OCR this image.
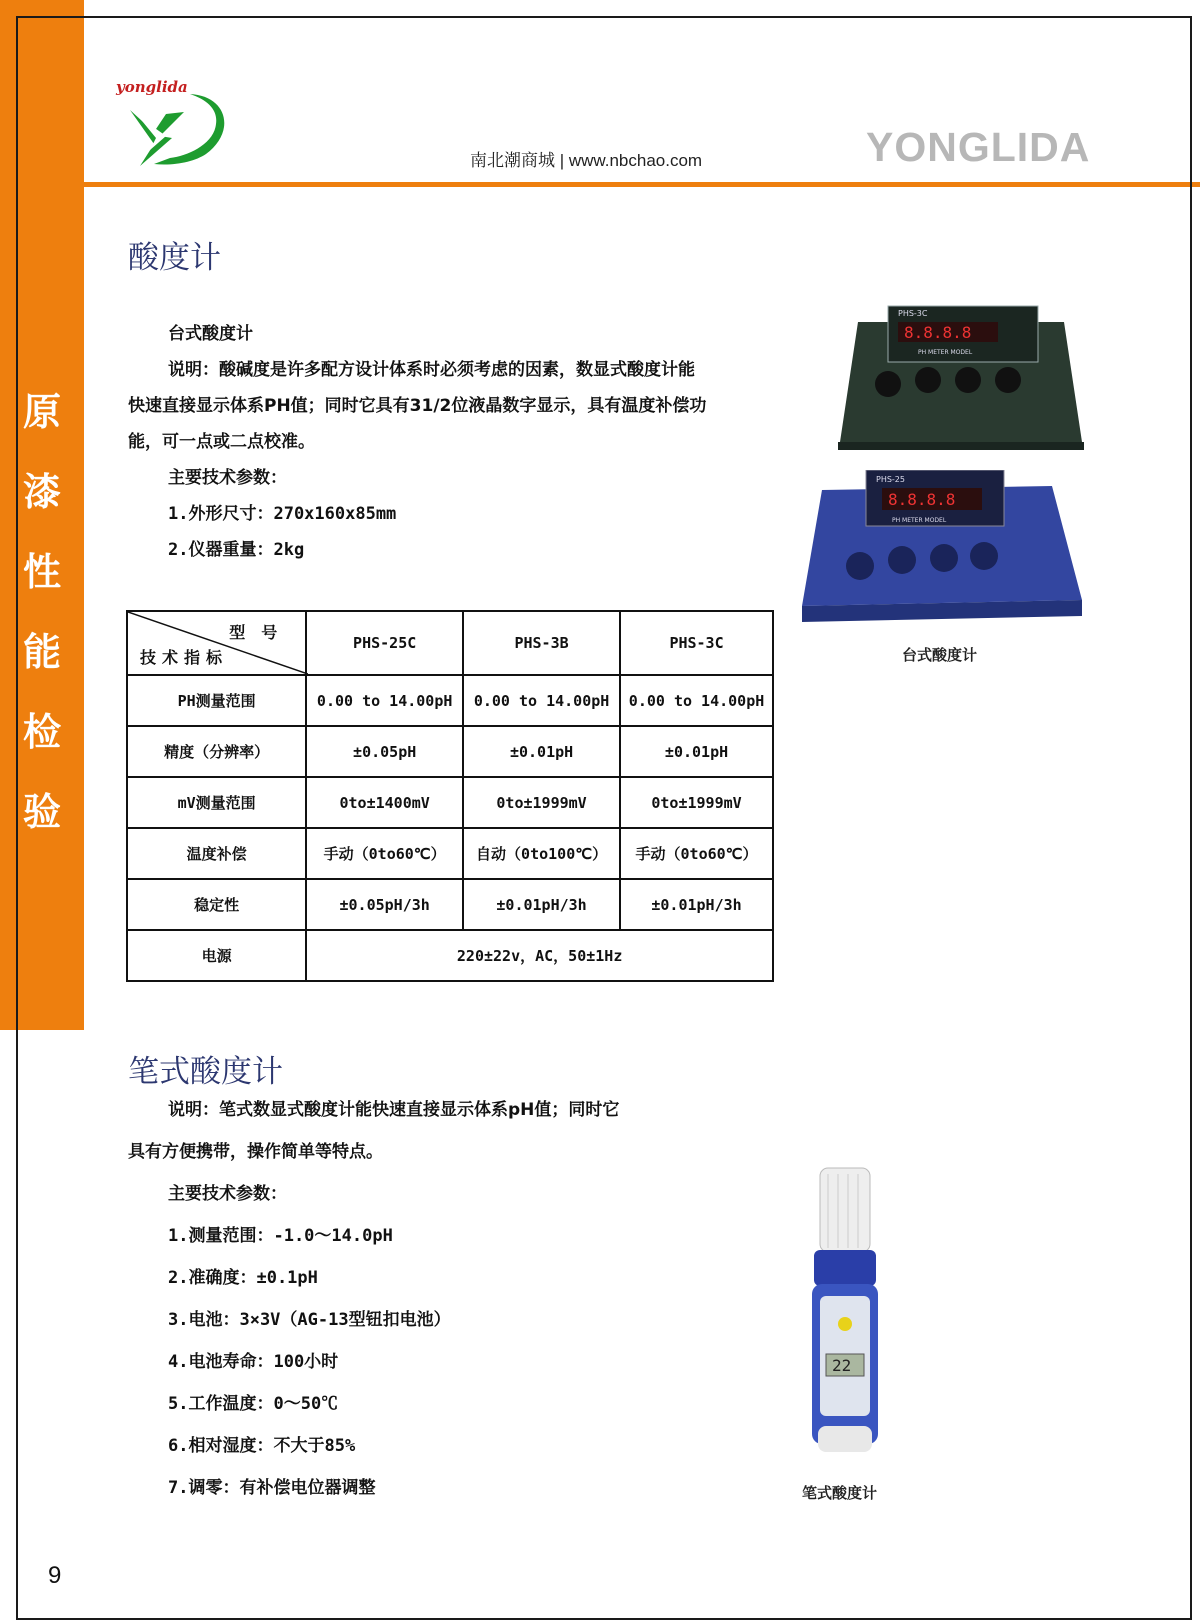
原
漆
性
能
检
验
yonglida
南北潮商城 | www.nbchao.com	YONGLIDA
酸度计
台式酸度计
说明：酸碱度是许多配方设计体系时必须考虑的因素，数显式酸度计能
快速直接显示体系PH值；同时它具有31/2位液晶数字显示，具有温度补偿功
能，可一点或二点校准。
主要技术参数：
1.外形尺寸：270x160x85mm
2.仪器重量：2kg
PHS-3C
8.8.8.8
PH METER MODEL
PHS-25
8.8.8.8
PH METER MODEL
台式酸度计
型号
技术指标	PHS-25C	PHS-3B	PHS-3C
PH测量范围	0.00 to 14.00pH	0.00 to 14.00pH	0.00 to 14.00pH
精度（分辨率）	±0.05pH	±0.01pH	±0.01pH
mV测量范围	0to±1400mV	0to±1999mV	0to±1999mV
温度补偿	手动（0to60℃）	自动（0to100℃）	手动（0to60℃）
稳定性	±0.05pH/3h	±0.01pH/3h	±0.01pH/3h
电源	220±22v，AC，50±1Hz		
笔式酸度计
说明：笔式数显式酸度计能快速直接显示体系pH值；同时它
具有方便携带，操作简单等特点。
主要技术参数：
1.测量范围：-1.0～14.0pH
2.准确度：±0.1pH
3.电池：3×3V（AG-13型钮扣电池）
4.电池寿命：100小时
5.工作温度：0～50℃
6.相对湿度：不大于85%
7.调零：有补偿电位器调整
22
笔式酸度计
9
